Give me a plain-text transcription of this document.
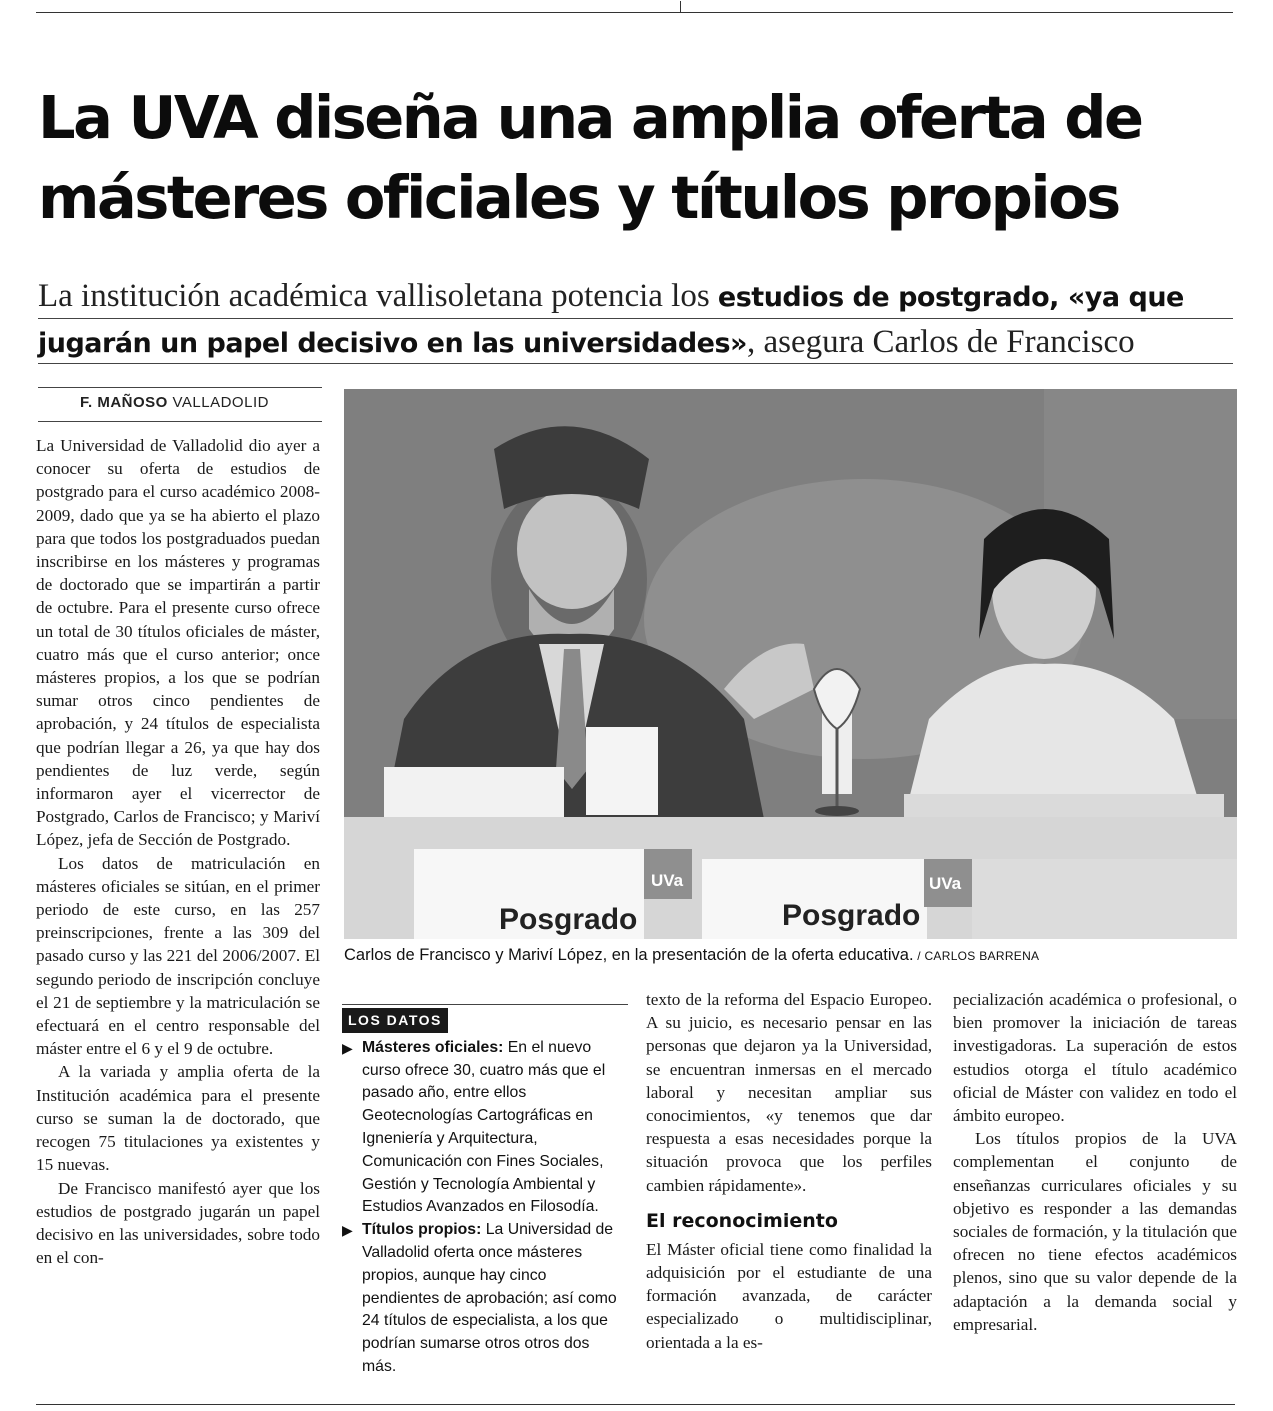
La UVA diseña una amplia oferta de
másteres oficiales y títulos propios
La institución académica vallisoletana potencia los estudios de postgrado, «ya que jugarán un papel decisivo en las universidades», asegura Carlos de Francisco
F. MAÑOSO VALLADOLID
Posgrado	Posgrado
UVa	UVa
Carlos de Francisco y Mariví López, en la presentación de la oferta educativa. / CARLOS BARRENA

La Universidad de Valladolid dio ayer a conocer su oferta de estudios de postgrado para el curso académico 2008-2009, dado que ya se ha abierto el plazo para que todos los postgraduados puedan inscribirse en los másteres y programas de doctorado que se impartirán a partir de octubre. Para el presente curso ofrece un total de 30 títulos oficiales de máster, cuatro más que el curso anterior; once másteres propios, a los que se podrían sumar otros cinco pendientes de aprobación, y 24 títulos de especialista que podrían llegar a 26, ya que hay dos pendientes de luz verde, según informaron ayer el vicerrector de Postgrado, Carlos de Francisco; y Mariví López, jefa de Sección de Postgrado.

Los datos de matriculación en másteres oficiales se sitúan, en el primer periodo de este curso, en las 257 preinscripciones, frente a las 309 del pasado curso y las 221 del 2006/2007. El segundo periodo de inscripción concluye el 21 de septiembre y la matriculación se efectuará en el centro responsable del máster entre el 6 y el 9 de octubre.

A la variada y amplia oferta de la Institución académica para el presente curso se suman la de doctorado, que recogen 75 titulaciones ya existentes y 15 nuevas.

De Francisco manifestó ayer que los estudios de postgrado jugarán un papel decisivo en las universidades, sobre todo en el con-

LOS DATOS

▶ Másteres oficiales: En el nuevo curso ofrece 30, cuatro más que el pasado año, entre ellos Geotecnologías Cartográficas en Igneniería y Arquitectura, Comunicación con Fines Sociales, Gestión y Tecnología Ambiental y Estudios Avanzados en Filosodía.

▶ Títulos propios: La Universidad de Valladolid oferta once másteres propios, aunque hay cinco pendientes de aprobación; así como 24 títulos de especialista, a los que podrían sumarse otros otros dos más.

texto de la reforma del Espacio Europeo. A su juicio, es necesario pensar en las personas que dejaron ya la Universidad, se encuentran inmersas en el mercado laboral y necesitan ampliar sus conocimientos, «y tenemos que dar respuesta a esas necesidades porque la situación provoca que los perfiles cambien rápidamente».

El reconocimiento

El Máster oficial tiene como finalidad la adquisición por el estudiante de una formación avanzada, de carácter especializado o multidisciplinar, orientada a la es-

pecialización académica o profesional, o bien promover la iniciación de tareas investigadoras. La superación de estos estudios otorga el título académico oficial de Máster con validez en todo el ámbito europeo.

Los títulos propios de la UVA complementan el conjunto de enseñanzas curriculares oficiales y su objetivo es responder a las demandas sociales de formación, y la titulación que ofrecen no tiene efectos académicos plenos, sino que su valor depende de la adaptación a la demanda social y empresarial.
